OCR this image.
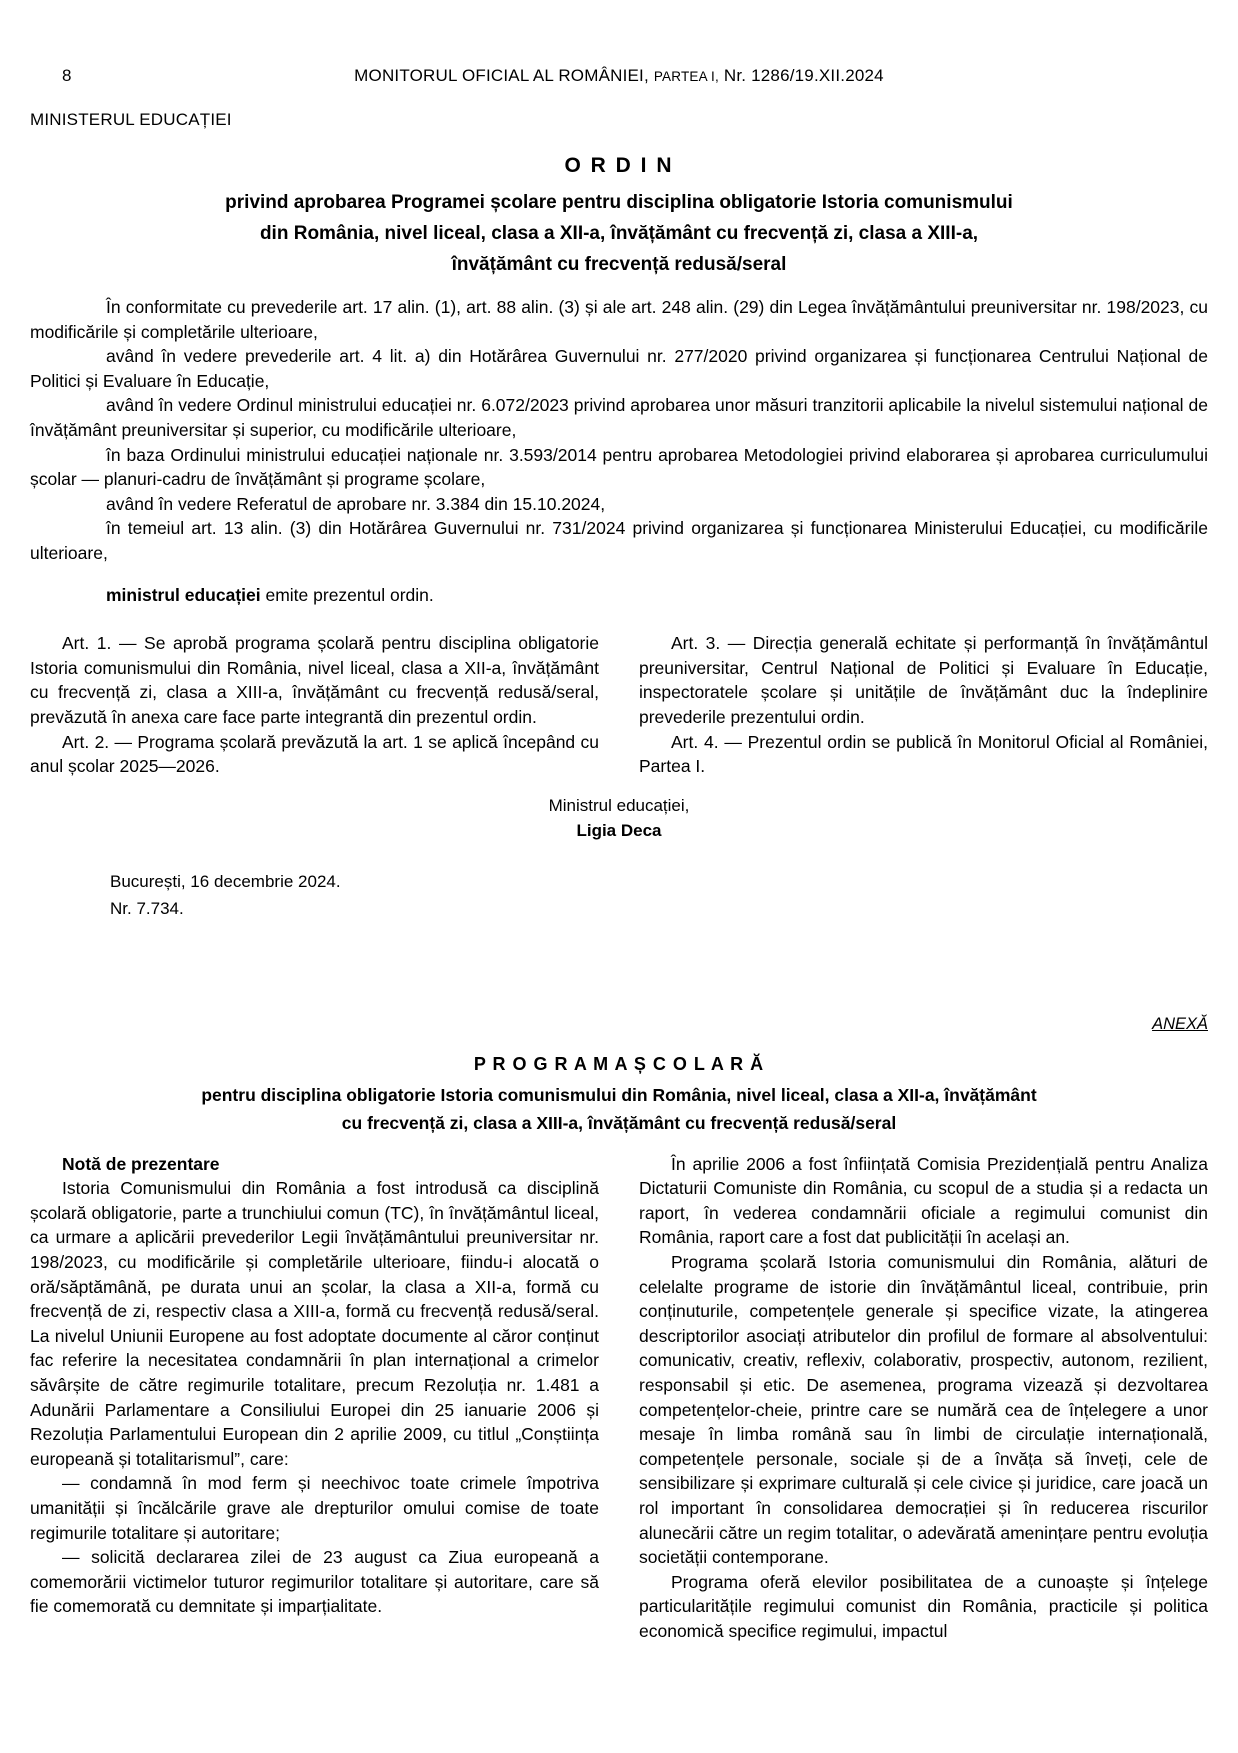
8	MONITORUL OFICIAL AL ROMÂNIEI, PARTEA I, Nr. 1286/19.XII.2024
MINISTERUL EDUCAȚIEI
O R D I N
privind aprobarea Programei școlare pentru disciplina obligatorie Istoria comunismului
din România, nivel liceal, clasa a XII-a, învățământ cu frecvență zi, clasa a XIII-a,
învățământ cu frecvență redusă/seral

În conformitate cu prevederile art. 17 alin. (1), art. 88 alin. (3) și ale art. 248 alin. (29) din Legea învățământului preuniversitar nr. 198/2023, cu modificările și completările ulterioare,

având în vedere prevederile art. 4 lit. a) din Hotărârea Guvernului nr. 277/2020 privind organizarea și funcționarea Centrului Național de Politici și Evaluare în Educație,

având în vedere Ordinul ministrului educației nr. 6.072/2023 privind aprobarea unor măsuri tranzitorii aplicabile la nivelul sistemului național de învățământ preuniversitar și superior, cu modificările ulterioare,

în baza Ordinului ministrului educației naționale nr. 3.593/2014 pentru aprobarea Metodologiei privind elaborarea și aprobarea curriculumului școlar — planuri-cadru de învățământ și programe școlare,

având în vedere Referatul de aprobare nr. 3.384 din 15.10.2024,

în temeiul art. 13 alin. (3) din Hotărârea Guvernului nr. 731/2024 privind organizarea și funcționarea Ministerului Educației, cu modificările ulterioare,

ministrul educației emite prezentul ordin.

Art. 1. — Se aprobă programa școlară pentru disciplina obligatorie Istoria comunismului din România, nivel liceal, clasa a XII-a, învățământ cu frecvență zi, clasa a XIII-a, învățământ cu frecvență redusă/seral, prevăzută în anexa care face parte integrantă din prezentul ordin.

Art. 2. — Programa școlară prevăzută la art. 1 se aplică începând cu anul școlar 2025—2026.

Art. 3. — Direcția generală echitate și performanță în învățământul preuniversitar, Centrul Național de Politici și Evaluare în Educație, inspectoratele școlare și unitățile de învățământ duc la îndeplinire prevederile prezentului ordin.

Art. 4. — Prezentul ordin se publică în Monitorul Oficial al României, Partea I.

Ministrul educației,
Ligia Deca
București, 16 decembrie 2024.
Nr. 7.734.
ANEXĂ
P R O G R A M A Ș C O L A R Ă
pentru disciplina obligatorie Istoria comunismului din România, nivel liceal, clasa a XII-a, învățământ
cu frecvență zi, clasa a XIII-a, învățământ cu frecvență redusă/seral

Notă de prezentare

Istoria Comunismului din România a fost introdusă ca disciplină școlară obligatorie, parte a trunchiului comun (TC), în învățământul liceal, ca urmare a aplicării prevederilor Legii învățământului preuniversitar nr. 198/2023, cu modificările și completările ulterioare, fiindu-i alocată o oră/săptămână, pe durata unui an școlar, la clasa a XII-a, formă cu frecvență de zi, respectiv clasa a XIII-a, formă cu frecvență redusă/seral. La nivelul Uniunii Europene au fost adoptate documente al căror conținut fac referire la necesitatea condamnării în plan internațional a crimelor săvârșite de către regimurile totalitare, precum Rezoluția nr. 1.481 a Adunării Parlamentare a Consiliului Europei din 25 ianuarie 2006 și Rezoluția Parlamentului European din 2 aprilie 2009, cu titlul „Conștiința europeană și totalitarismul”, care:

— condamnă în mod ferm și neechivoc toate crimele împotriva umanității și încălcările grave ale drepturilor omului comise de toate regimurile totalitare și autoritare;

— solicită declararea zilei de 23 august ca Ziua europeană a comemorării victimelor tuturor regimurilor totalitare și autoritare, care să fie comemorată cu demnitate și imparțialitate.

În aprilie 2006 a fost înființată Comisia Prezidențială pentru Analiza Dictaturii Comuniste din România, cu scopul de a studia și a redacta un raport, în vederea condamnării oficiale a regimului comunist din România, raport care a fost dat publicității în același an.

Programa școlară Istoria comunismului din România, alături de celelalte programe de istorie din învățământul liceal, contribuie, prin conținuturile, competențele generale și specifice vizate, la atingerea descriptorilor asociați atributelor din profilul de formare al absolventului: comunicativ, creativ, reflexiv, colaborativ, prospectiv, autonom, rezilient, responsabil și etic. De asemenea, programa vizează și dezvoltarea competențelor-cheie, printre care se numără cea de înțelegere a unor mesaje în limba română sau în limbi de circulație internațională, competențele personale, sociale și de a învăța să înveți, cele de sensibilizare și exprimare culturală și cele civice și juridice, care joacă un rol important în consolidarea democrației și în reducerea riscurilor alunecării către un regim totalitar, o adevărată amenințare pentru evoluția societății contemporane.

Programa oferă elevilor posibilitatea de a cunoaște și înțelege particularitățile regimului comunist din România, practicile și politica economică specifice regimului, impactul
